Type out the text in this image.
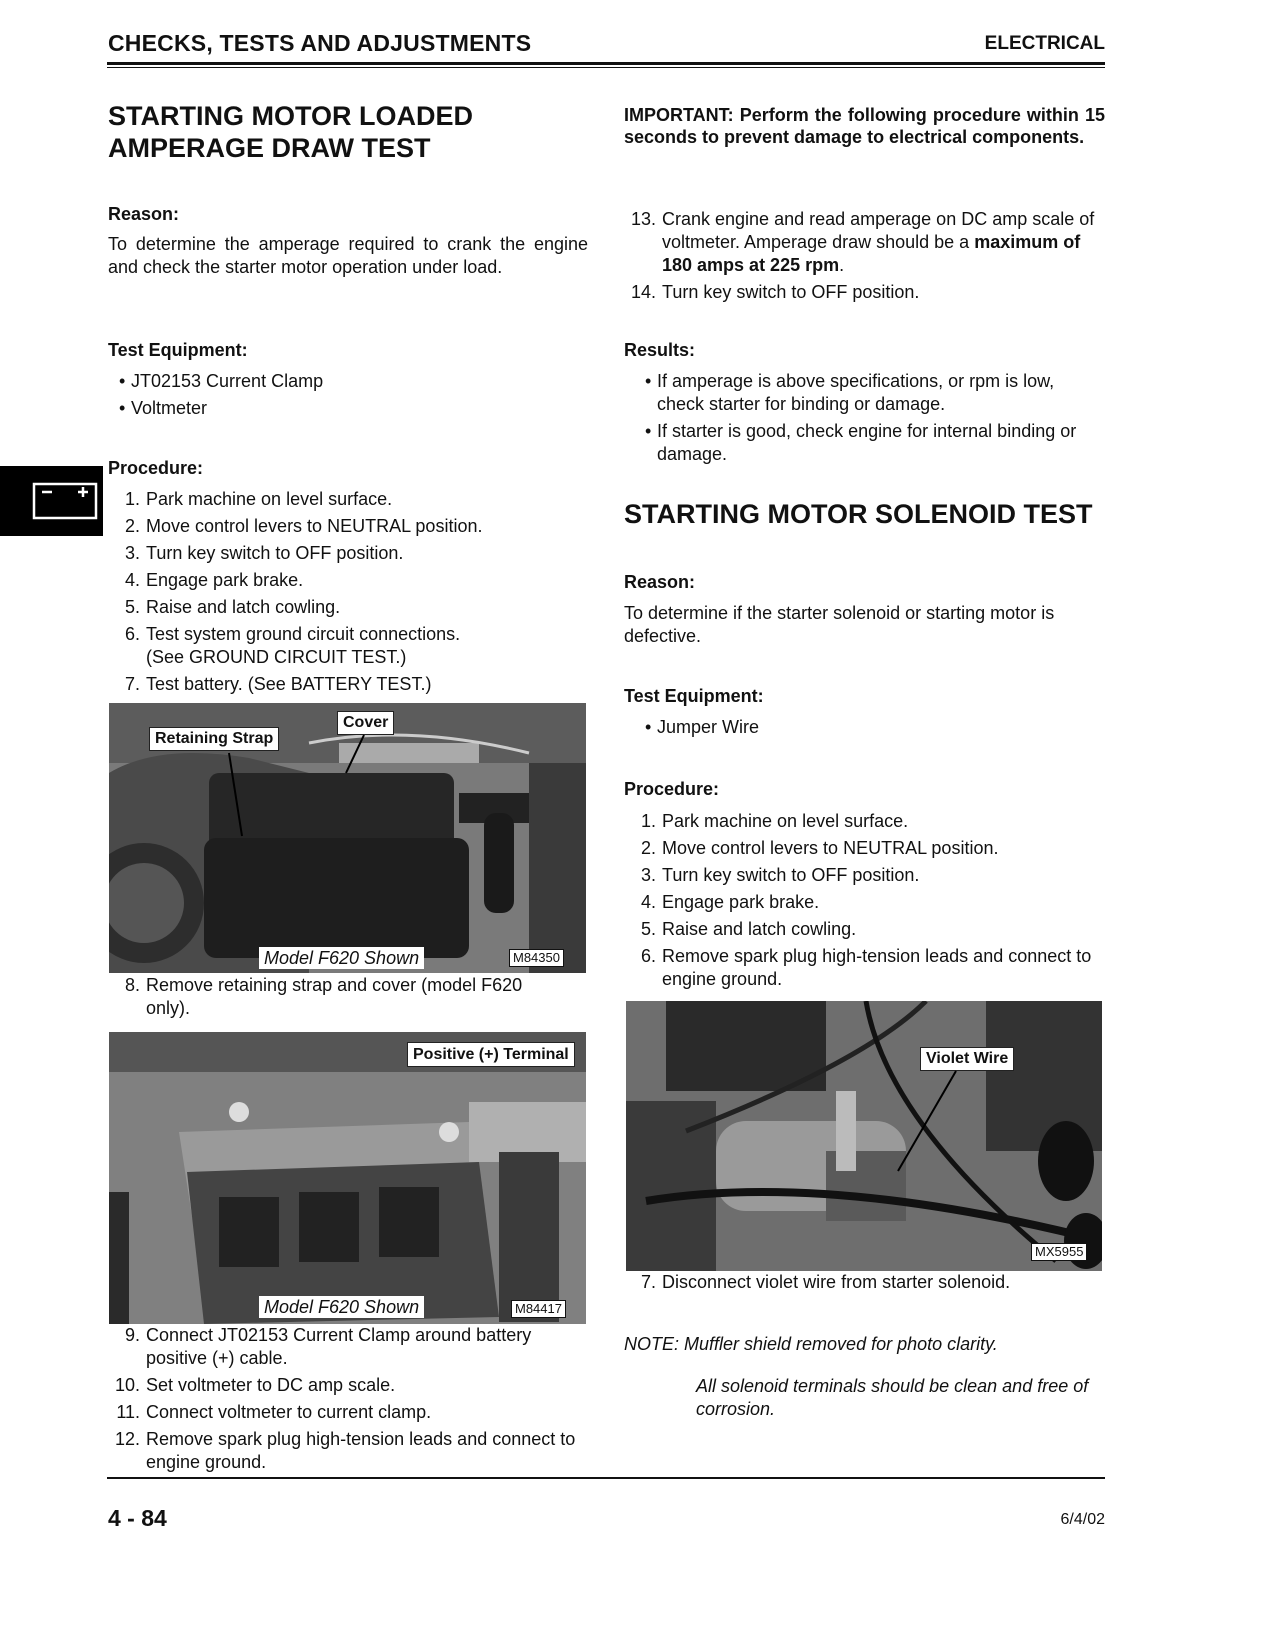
CHECKS, TESTS AND ADJUSTMENTS	ELECTRICAL
STARTING MOTOR LOADED AMPERAGE DRAW TEST
Reason:
To determine the amperage required to crank the engine and check the starter motor operation under load.
Test Equipment:
• JT02153 Current Clamp
• Voltmeter
Procedure:
1. Park machine on level surface.
2. Move control levers to NEUTRAL position.
3. Turn key switch to OFF position.
4. Engage park brake.
5. Raise and latch cowling.
6. Test system ground circuit connections. (See GROUND CIRCUIT TEST.)
7. Test battery. (See BATTERY TEST.)
Cover
Retaining Strap
Model F620 Shown	M84350
8. Remove retaining strap and cover (model F620 only).
Positive (+) Terminal
Model F620 Shown	M84417
9. Connect JT02153 Current Clamp around battery positive (+) cable.
10. Set voltmeter to DC amp scale.
11. Connect voltmeter to current clamp.
12. Remove spark plug high-tension leads and connect to engine ground.
IMPORTANT: Perform the following procedure within 15 seconds to prevent damage to electrical components.
13. Crank engine and read amperage on DC amp scale of voltmeter. Amperage draw should be a maximum of 180 amps at 225 rpm.
14. Turn key switch to OFF position.
Results:
• If amperage is above specifications, or rpm is low, check starter for binding or damage.
• If starter is good, check engine for internal binding or damage.
STARTING MOTOR SOLENOID TEST
Reason:
To determine if the starter solenoid or starting motor is defective.
Test Equipment:
• Jumper Wire
Procedure:
1. Park machine on level surface.
2. Move control levers to NEUTRAL position.
3. Turn key switch to OFF position.
4. Engage park brake.
5. Raise and latch cowling.
6. Remove spark plug high-tension leads and connect to engine ground.
Violet Wire
MX5955
7. Disconnect violet wire from starter solenoid.
NOTE: Muffler shield removed for photo clarity.
All solenoid terminals should be clean and free of corrosion.
4 - 84	6/4/02
